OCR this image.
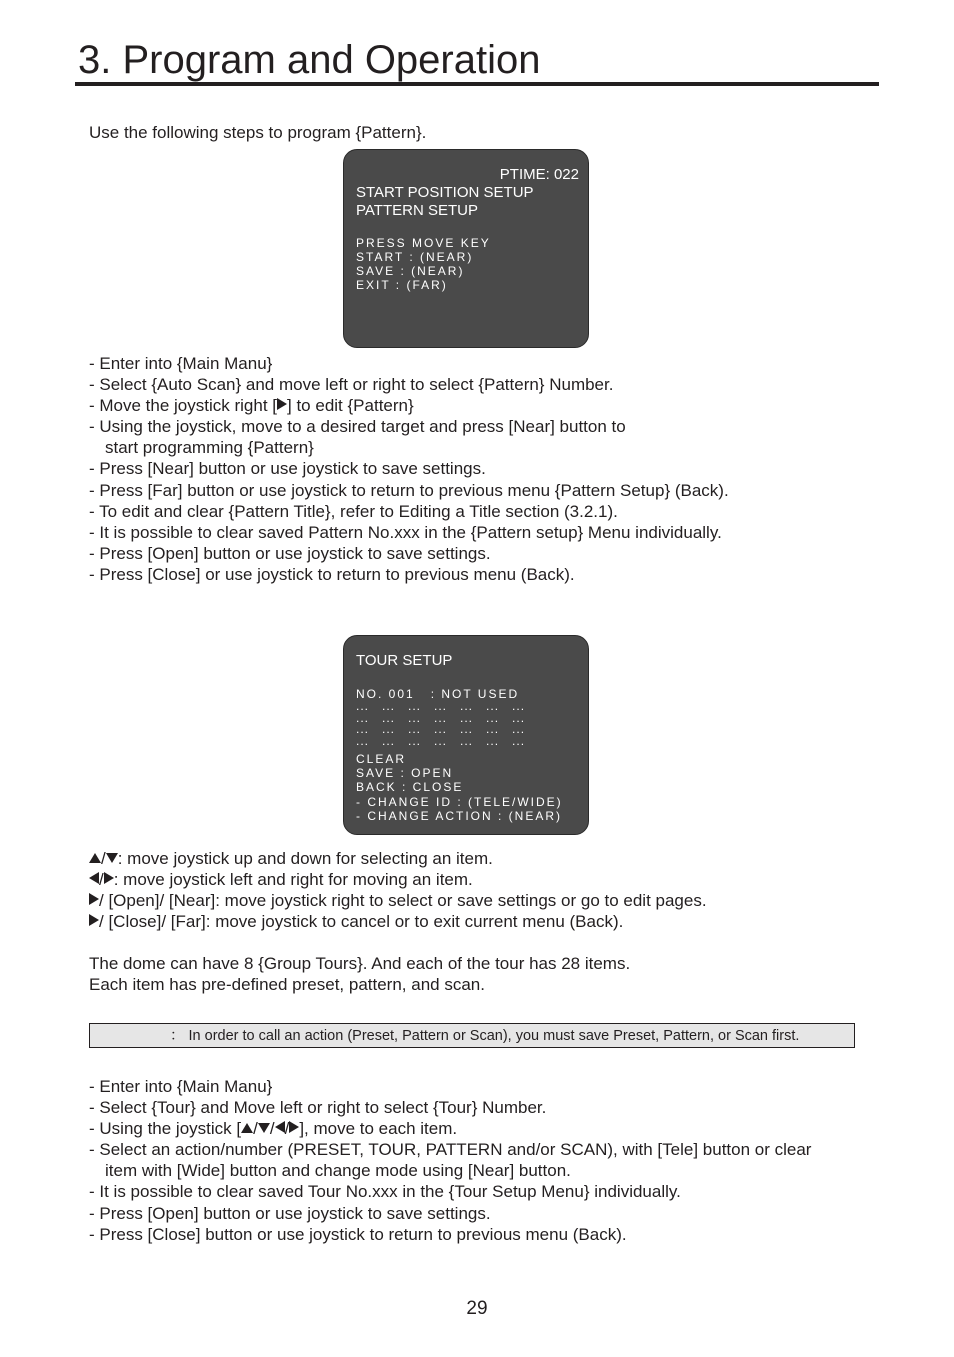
3. Program and Operation
Use the following steps to program {Pattern}.
PTIME: 022
START POSITION SETUP
PATTERN SETUP
PRESS MOVE KEY
START : (NEAR)
SAVE : (NEAR)
EXIT : (FAR)
- Enter into {Main Manu}
- Select {Auto Scan} and move left or right to select {Pattern} Number.
- Move the joystick right [ ] to edit {Pattern}
- Using the joystick, move to a desired target and press [Near] button to
start programming {Pattern}
- Press [Near] button or use joystick to save settings.
- Press [Far] button or use joystick to return to previous menu {Pattern Setup} (Back).
- To edit and clear {Pattern Title}, refer to Editing a Title section (3.2.1).
- It is possible to clear saved Pattern No.xxx in the {Pattern setup} Menu individually.
- Press [Open] button or use joystick to save settings.
- Press [Close] or use joystick to return to previous menu (Back).
TOUR SETUP
NO. 001   : NOT USED
...   ...   ...   ...   ...   ...   ...
...   ...   ...   ...   ...   ...   ...
...   ...   ...   ...   ...   ...   ...
...   ...   ...   ...   ...   ...   ...
CLEAR
SAVE : OPEN
BACK : CLOSE
- CHANGE ID : (TELE/WIDE)
- CHANGE ACTION : (NEAR)
/ : move joystick up and down for selecting an item.
/ : move joystick left and right for moving an item.
/ [Open]/ [Near]: move joystick right to select or save settings or go to edit pages.
/ [Close]/ [Far]: move joystick to cancel or to exit current menu (Back).
The dome can have 8 {Group Tours}. And each of the tour has 28 items.
Each item has pre-defined preset, pattern, and scan.
： In order to call an action (Preset, Pattern or Scan), you must save Preset, Pattern, or Scan first.
- Enter into {Main Manu}
- Select {Tour} and Move left or right to select {Tour} Number.
- Using the joystick [ / / / ], move to each item.
- Select an action/number (PRESET, TOUR, PATTERN and/or SCAN), with [Tele] button or clear
item with [Wide] button and change mode using [Near] button.
- It is possible to clear saved Tour No.xxx in the {Tour Setup Menu} individually.
- Press [Open] button or use joystick to save settings.
- Press [Close] button or use joystick to return to previous menu (Back).
29
